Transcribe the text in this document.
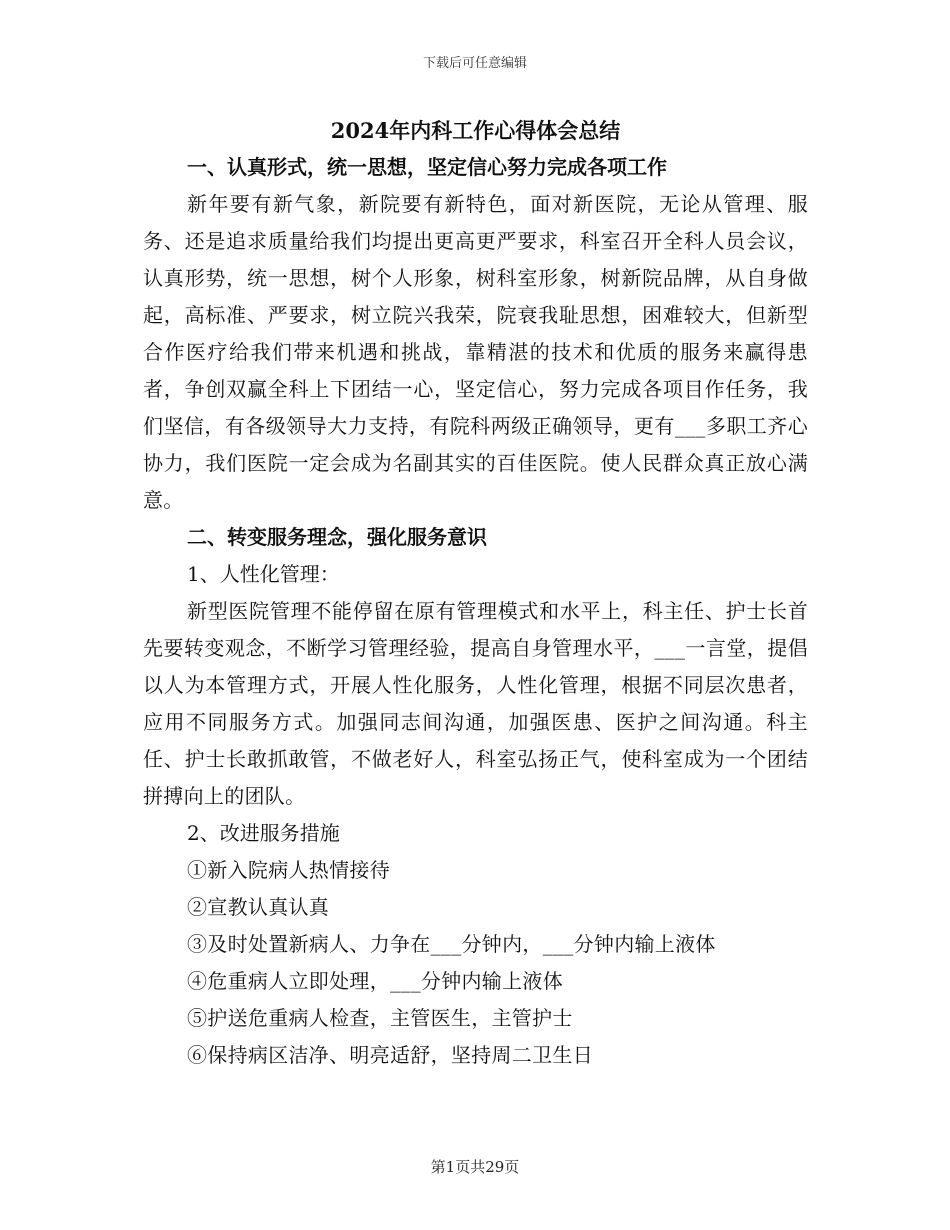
下载后可任意编辑
2024年内科工作心得体会总结

一、认真形式，统一思想，坚定信心努力完成各项工作

新年要有新气象，新院要有新特色，面对新医院，无论从管理、服务、还是追求质量给我们均提出更高更严要求，科室召开全科人员会议，认真形势，统一思想，树个人形象，树科室形象，树新院品牌，从自身做起，高标准、严要求，树立院兴我荣，院衰我耻思想，困难较大，但新型合作医疗给我们带来机遇和挑战，靠精湛的技术和优质的服务来赢得患者，争创双赢全科上下团结一心，坚定信心，努力完成各项目作任务，我们坚信，有各级领导大力支持，有院科两级正确领导，更有___多职工齐心协力，我们医院一定会成为名副其实的百佳医院。使人民群众真正放心满意。

二、转变服务理念，强化服务意识

1、人性化管理：

新型医院管理不能停留在原有管理模式和水平上，科主任、护士长首先要转变观念，不断学习管理经验，提高自身管理水平，___一言堂，提倡以人为本管理方式，开展人性化服务，人性化管理，根据不同层次患者，应用不同服务方式。加强同志间沟通，加强医患、医护之间沟通。科主任、护士长敢抓敢管，不做老好人，科室弘扬正气，使科室成为一个团结拼搏向上的团队。

2、改进服务措施

①新入院病人热情接待
②宣教认真认真
③及时处置新病人、力争在___分钟内，___分钟内输上液体
④危重病人立即处理，___分钟内输上液体
⑤护送危重病人检查，主管医生，主管护士
⑥保持病区洁净、明亮适舒，坚持周二卫生日
第1页共29页
